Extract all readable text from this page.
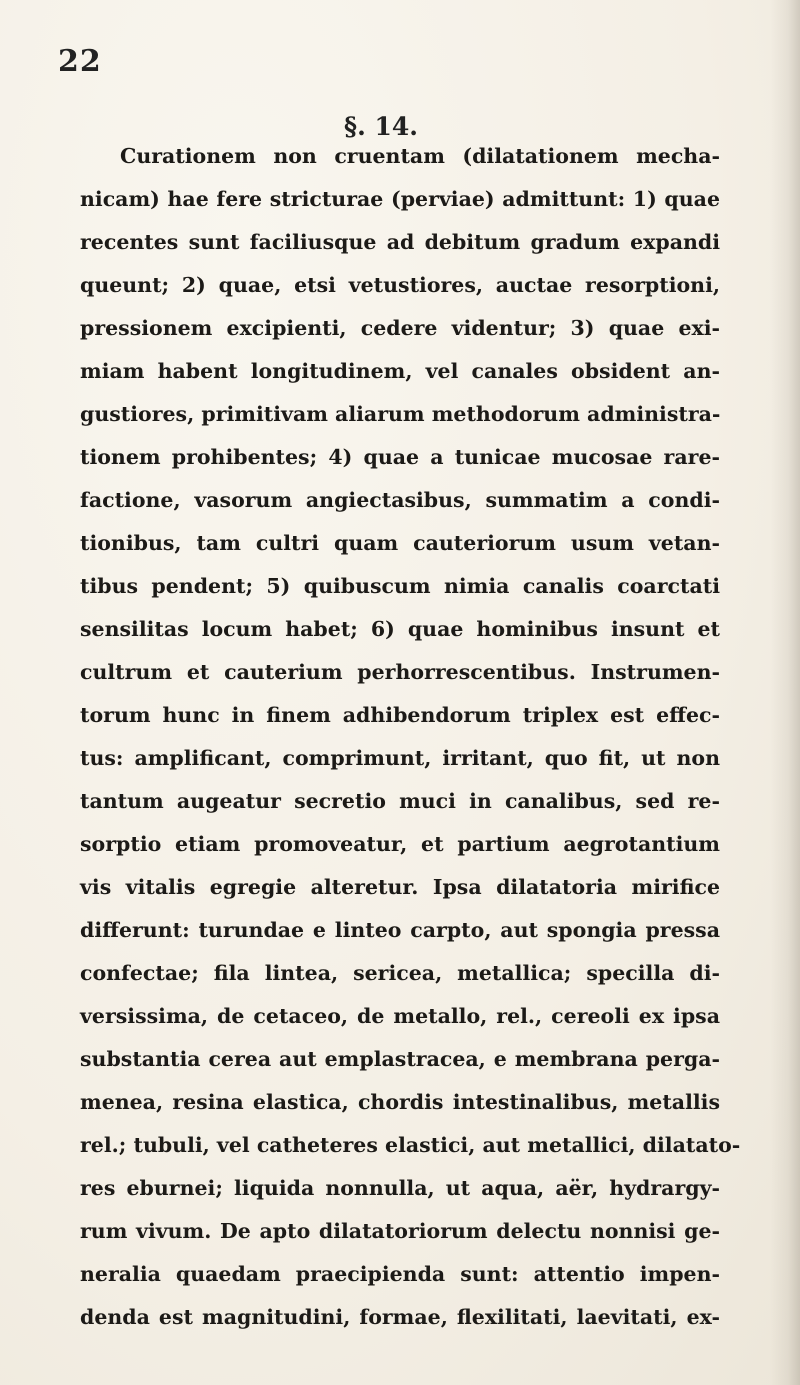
22
§. 14.
Curationem non cruentam (dilatationem mecha-
nicam) hae fere stricturae (perviae) admittunt: 1) quae
recentes sunt faciliusque ad debitum gradum expandi
queunt; 2) quae, etsi vetustiores, auctae resorptioni,
pressionem excipienti, cedere videntur; 3) quae exi-
miam habent longitudinem, vel canales obsident an-
gustiores, primitivam aliarum methodorum administra-
tionem prohibentes; 4) quae a tunicae mucosae rare-
factione, vasorum angiectasibus, summatim a condi-
tionibus, tam cultri quam cauteriorum usum vetan-
tibus pendent; 5) quibuscum nimia canalis coarctati
sensilitas locum habet; 6) quae hominibus insunt et
cultrum et cauterium perhorrescentibus. Instrumen-
torum hunc in finem adhibendorum triplex est effec-
tus: amplificant, comprimunt, irritant, quo fit, ut non
tantum augeatur secretio muci in canalibus, sed re-
sorptio etiam promoveatur, et partium aegrotantium
vis vitalis egregie alteretur. Ipsa dilatatoria mirifice
differunt: turundae e linteo carpto, aut spongia pressa
confectae; fila lintea, sericea, metallica; specilla di-
versissima, de cetaceo, de metallo, rel., cereoli ex ipsa
substantia cerea aut emplastracea, e membrana perga-
menea, resina elastica, chordis intestinalibus, metallis
rel.; tubuli, vel catheteres elastici, aut metallici, dilatato-
res eburnei; liquida nonnulla, ut aqua, aër, hydrargy-
rum vivum. De apto dilatatoriorum delectu nonnisi ge-
neralia quaedam praecipienda sunt: attentio impen-
denda est magnitudini, formae, flexilitati, laevitati, ex-
